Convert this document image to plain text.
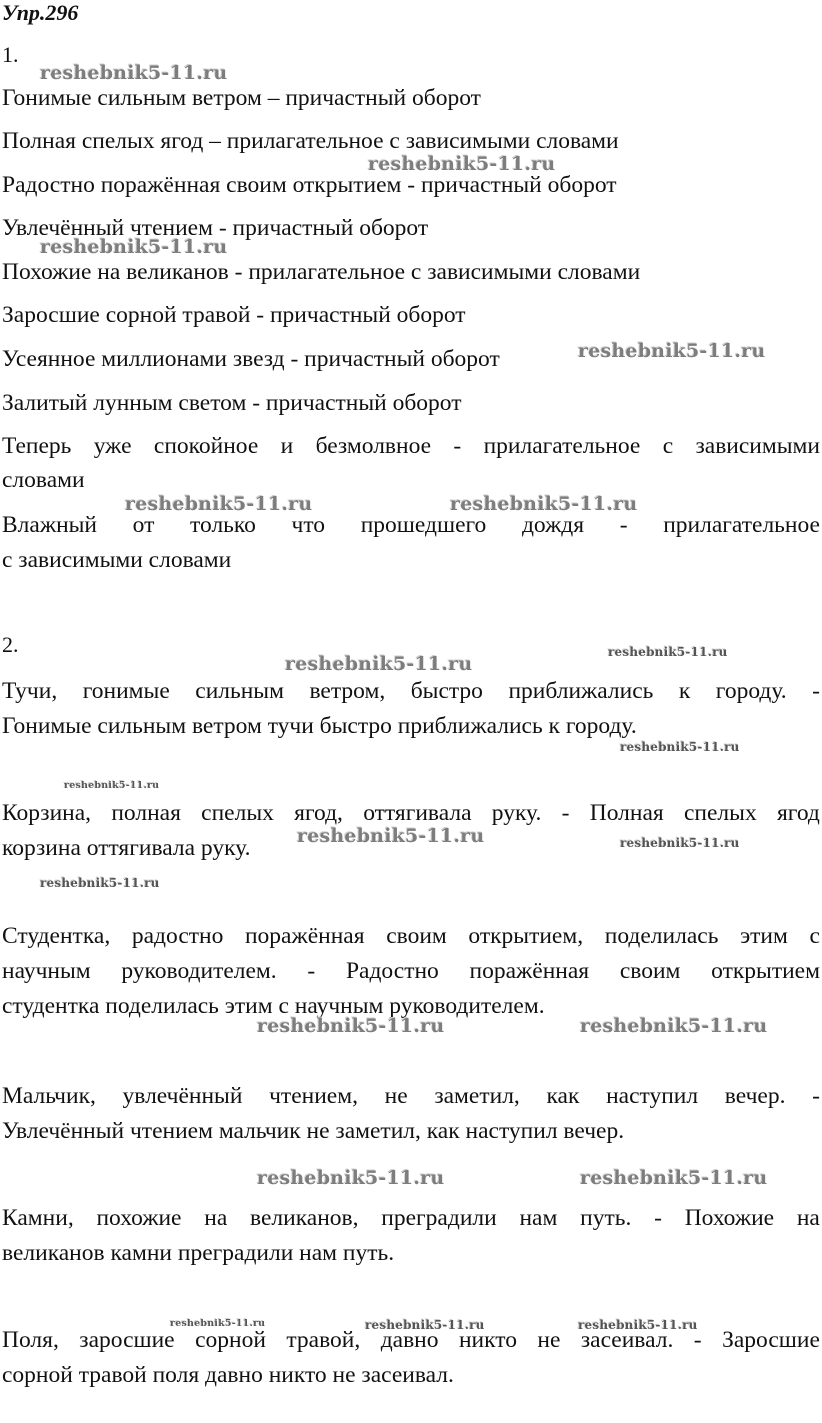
Упр.296
1.
Гонимые сильным ветром – причастный оборот
Полная спелых ягод – прилагательное с зависимыми словами
Радостно поражённая своим открытием - причастный оборот
Увлечённый чтением - причастный оборот
Похожие на великанов - прилагательное с зависимыми словами
Заросшие сорной травой - причастный оборот
Усеянное миллионами звезд - причастный оборот
Залитый лунным светом - причастный оборот
Теперь уже спокойное и безмолвное - прилагательное с зависимыми
словами
Влажный от только что прошедшего дождя - прилагательное
с зависимыми словами
2.
Тучи, гонимые сильным ветром, быстро приближались к городу. -
Гонимые сильным ветром тучи быстро приближались к городу.
Корзина, полная спелых ягод, оттягивала руку. - Полная спелых ягод
корзина оттягивала руку.
Студентка, радостно поражённая своим открытием, поделилась этим с
научным руководителем. - Радостно поражённая своим открытием
студентка поделилась этим с научным руководителем.
Мальчик, увлечённый чтением, не заметил, как наступил вечер. -
Увлечённый чтением мальчик не заметил, как наступил вечер.
Камни, похожие на великанов, преградили нам путь. - Похожие на
великанов камни преградили нам путь.
Поля, заросшие сорной травой, давно никто не засеивал. - Заросшие
сорной травой поля давно никто не засеивал.
reshebnik5-11.ru
reshebnik5-11.ru
reshebnik5-11.ru
reshebnik5-11.ru
reshebnik5-11.ru	reshebnik5-11.ru
reshebnik5-11.ru
reshebnik5-11.ru
reshebnik5-11.ru
reshebnik5-11.ru
reshebnik5-11.ru	reshebnik5-11.ru
reshebnik5-11.ru
reshebnik5-11.ru	reshebnik5-11.ru
reshebnik5-11.ru	reshebnik5-11.ru
reshebnik5-11.ru	reshebnik5-11.ru	reshebnik5-11.ru
